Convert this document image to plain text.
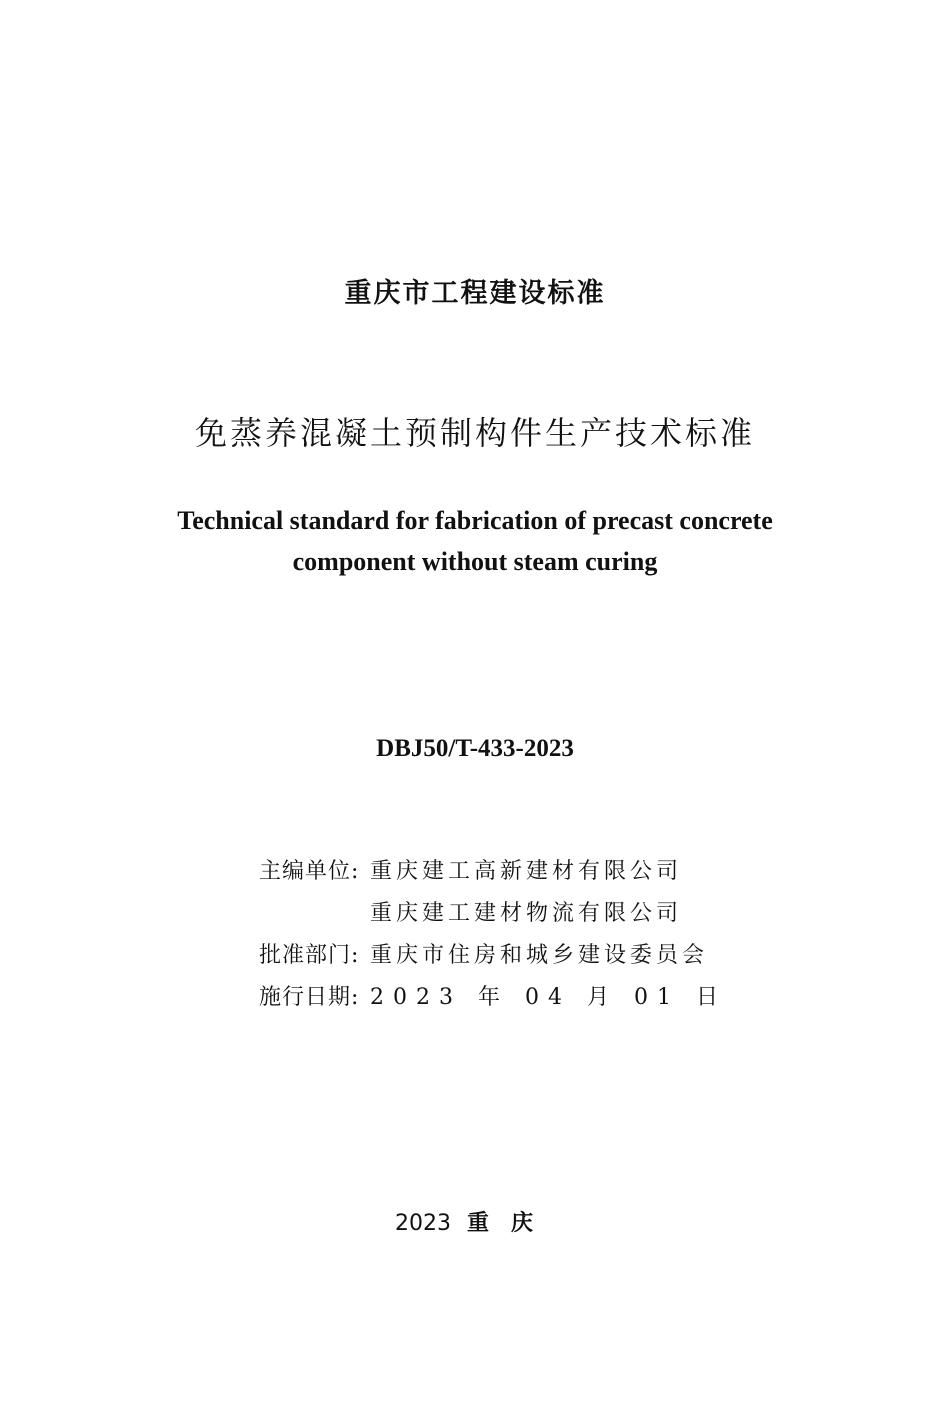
重庆市工程建设标准
免蒸养混凝土预制构件生产技术标准
Technical standard for fabrication of precast concrete
component without steam curing
DBJ50/T-433-2023
主编单位: 重庆建工高新建材有限公司
重庆建工建材物流有限公司
批准部门: 重庆市住房和城乡建设委员会
施行日期: 2023 年 04 月 01 日
2023 重庆
